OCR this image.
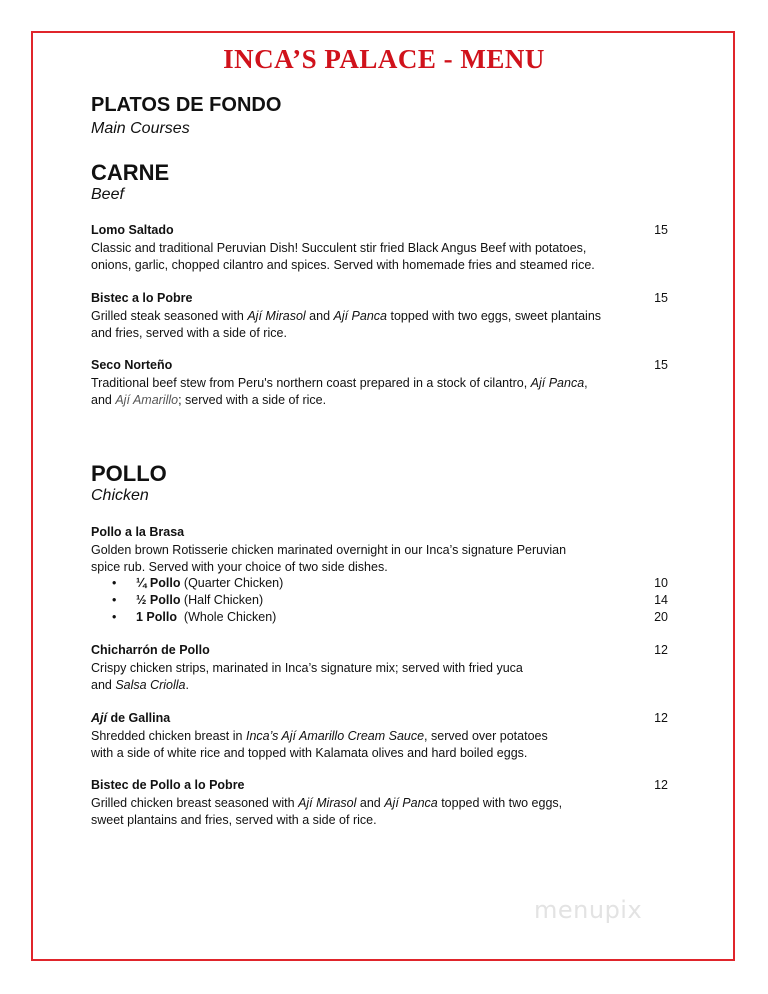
INCA’S PALACE - MENU
PLATOS DE FONDO
Main Courses
CARNE
Beef
Lomo Saltado	15
Classic and traditional Peruvian Dish! Succulent stir fried Black Angus Beef with potatoes,
onions, garlic, chopped cilantro and spices. Served with homemade fries and steamed rice.
Bistec a lo Pobre	15
Grilled steak seasoned with Ají Mirasol and Ají Panca topped with two eggs, sweet plantains
and fries, served with a side of rice.
Seco Norteño	15
Traditional beef stew from Peru's northern coast prepared in a stock of cilantro, Ají Panca,
and Ají Amarillo; served with a side of rice.
POLLO
Chicken
Pollo a la Brasa
Golden brown Rotisserie chicken marinated overnight in our Inca’s signature Peruvian
spice rub. Served with your choice of two side dishes.
• ¼ Pollo (Quarter Chicken)	10
• ½ Pollo (Half Chicken)	14
• 1 Pollo  (Whole Chicken)	20
Chicharrón de Pollo	12
Crispy chicken strips, marinated in Inca’s signature mix; served with fried yuca
and Salsa Criolla.
Ají de Gallina	12
Shredded chicken breast in Inca’s Ají Amarillo Cream Sauce, served over potatoes
with a side of white rice and topped with Kalamata olives and hard boiled eggs.
Bistec de Pollo a lo Pobre	12
Grilled chicken breast seasoned with Ají Mirasol and Ají Panca topped with two eggs,
sweet plantains and fries, served with a side of rice.
menupix
